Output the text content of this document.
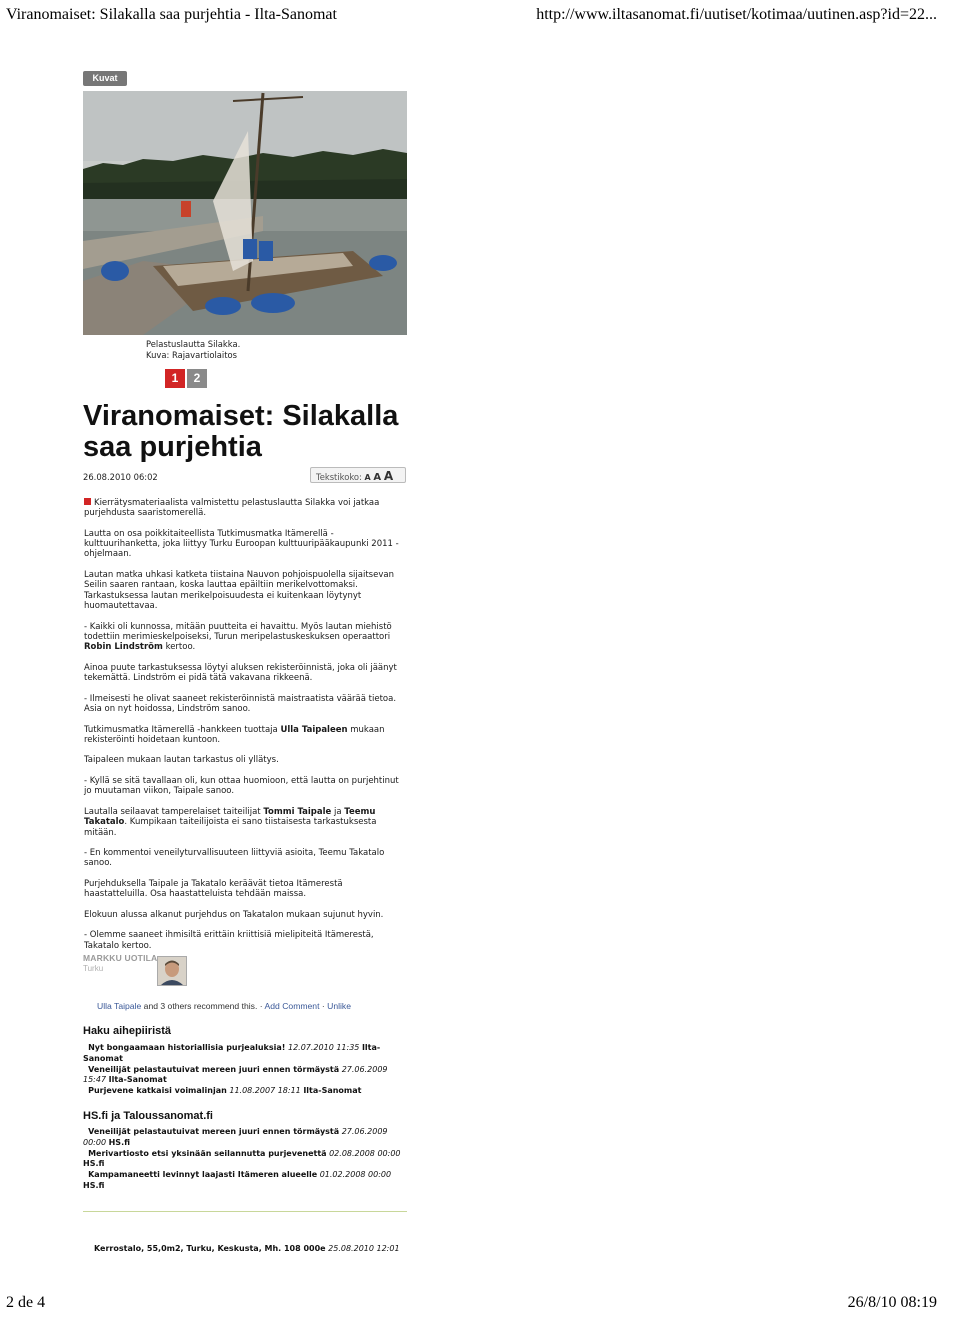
Viranomaiset: Silakalla saa purjehtia - Ilta-Sanomat	http://www.iltasanomat.fi/uutiset/kotimaa/uutinen.asp?id=22...
Kuvat
Pelastuslautta Silakka.
Kuva: Rajavartiolaitos
1 2
Viranomaiset: Silakalla saa purjehtia
26.08.2010 06:02	Tekstikoko: A A A

Kierrätysmateriaalista valmistettu pelastuslautta Silakka voi jatkaa purjehdusta saaristomerellä.

Lautta on osa poikkitaiteellista Tutkimusmatka Itämerellä -kulttuurihanketta, joka liittyy Turku Euroopan kulttuuripääkaupunki 2011 -ohjelmaan.

Lautan matka uhkasi katketa tiistaina Nauvon pohjoispuolella sijaitsevan Seilin saaren rantaan, koska lauttaa epäiltiin merikelvottomaksi. Tarkastuksessa lautan merikelpoisuudesta ei kuitenkaan löytynyt huomautettavaa.

- Kaikki oli kunnossa, mitään puutteita ei havaittu. Myös lautan miehistö todettiin merimieskelpoiseksi, Turun meripelastuskeskuksen operaattori Robin Lindström kertoo.

Ainoa puute tarkastuksessa löytyi aluksen rekisteröinnistä, joka oli jäänyt tekemättä. Lindström ei pidä tätä vakavana rikkeenä.

- Ilmeisesti he olivat saaneet rekisteröinnistä maistraatista väärää tietoa. Asia on nyt hoidossa, Lindström sanoo.

Tutkimusmatka Itämerellä -hankkeen tuottaja Ulla Taipaleen mukaan rekisteröinti hoidetaan kuntoon.

Taipaleen mukaan lautan tarkastus oli yllätys.

- Kyllä se sitä tavallaan oli, kun ottaa huomioon, että lautta on purjehtinut jo muutaman viikon, Taipale sanoo.

Lautalla seilaavat tamperelaiset taiteilijat Tommi Taipale ja Teemu Takatalo. Kumpikaan taiteilijoista ei sano tiistaisesta tarkastuksesta mitään.

- En kommentoi veneilyturvallisuuteen liittyviä asioita, Teemu Takatalo sanoo.

Purjehduksella Taipale ja Takatalo keräävät tietoa Itämerestä haastatteluilla. Osa haastatteluista tehdään maissa.

Elokuun alussa alkanut purjehdus on Takatalon mukaan sujunut hyvin.

- Olemme saaneet ihmisiltä erittäin kriittisiä mielipiteitä Itämerestä, Takatalo kertoo.

MARKKU UOTILA
Turku
Ulla Taipale and 3 others recommend this. · Add Comment · Unlike
Haku aihepiiristä
Nyt bongaamaan historiallisia purjealuksia! 12.07.2010 11:35 Ilta-Sanomat
Veneilijät pelastautuivat mereen juuri ennen törmäystä 27.06.2009 15:47 Ilta-Sanomat
Purjevene katkaisi voimalinjan 11.08.2007 18:11 Ilta-Sanomat
HS.fi ja Taloussanomat.fi
Veneilijät pelastautuivat mereen juuri ennen törmäystä 27.06.2009 00:00 HS.fi
Merivartiosto etsi yksinään seilannutta purjevenettä 02.08.2008 00:00 HS.fi
Kampamaneetti levinnyt laajasti Itämeren alueelle 01.02.2008 00:00 HS.fi
Kerrostalo, 55,0m2, Turku, Keskusta, Mh. 108 000e 25.08.2010 12:01
2 de 4	26/8/10 08:19
